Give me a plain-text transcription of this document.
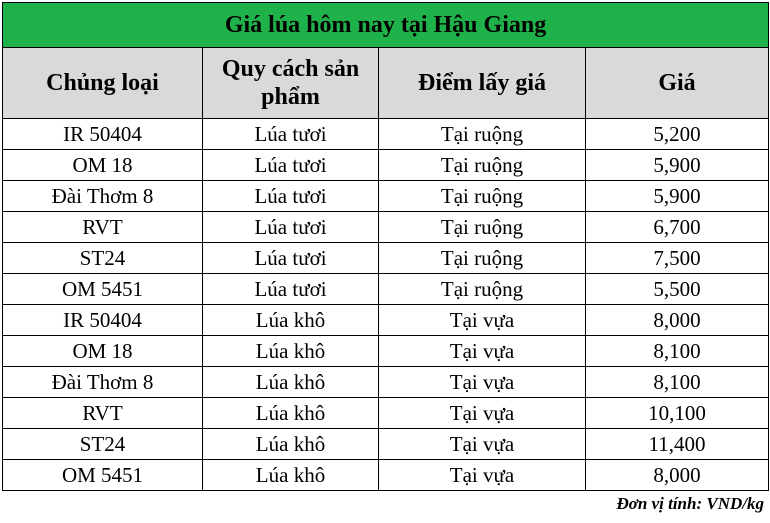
Giá lúa hôm nay tại Hậu Giang			
Chủng loại	Quy cách sản phẩm	Điểm lấy giá	Giá
IR 50404	Lúa tươi	Tại ruộng	5,200
OM 18	Lúa tươi	Tại ruộng	5,900
Đài Thơm 8	Lúa tươi	Tại ruộng	5,900
RVT	Lúa tươi	Tại ruộng	6,700
ST24	Lúa tươi	Tại ruộng	7,500
OM 5451	Lúa tươi	Tại ruộng	5,500
IR 50404	Lúa khô	Tại vựa	8,000
OM 18	Lúa khô	Tại vựa	8,100
Đài Thơm 8	Lúa khô	Tại vựa	8,100
RVT	Lúa khô	Tại vựa	10,100
ST24	Lúa khô	Tại vựa	11,400
OM 5451	Lúa khô	Tại vựa	8,000
Đơn vị tính: VND/kg
